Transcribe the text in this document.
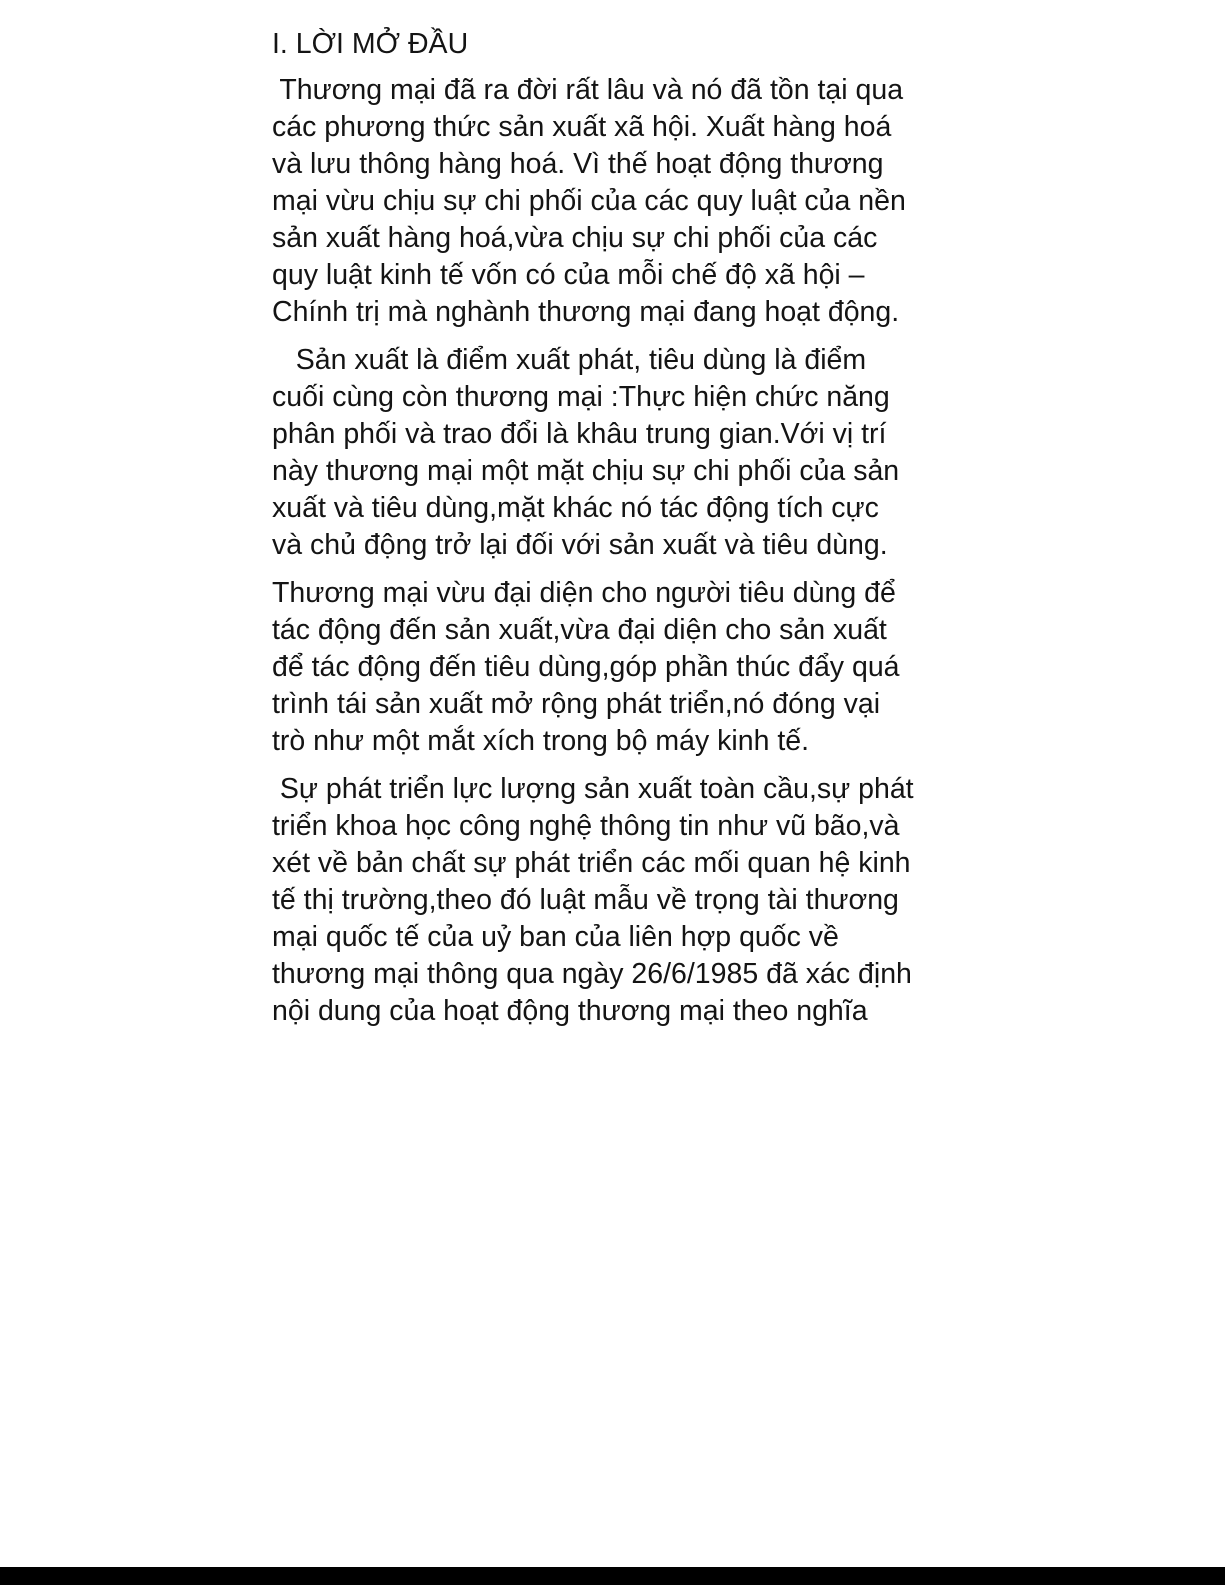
I. LỜI MỞ ĐẦU
Thương mại đã ra đời rất lâu và nó đã tồn tại qua
các phương thức sản xuất xã hội. Xuất hàng hoá
và lưu thông hàng hoá. Vì thế hoạt động thương
mại vừu chịu sự chi phối của các quy luật của nền
sản xuất hàng hoá,vừa chịu sự chi phối của các
quy luật kinh tế vốn có của mỗi chế độ xã hội –
Chính trị mà nghành thương mại đang hoạt động.
Sản xuất là điểm xuất phát, tiêu dùng là điểm
cuối cùng còn thương mại :Thực hiện chức năng
phân phối và trao đổi là khâu trung gian.Với vị trí
này thương mại một mặt chịu sự chi phối của sản
xuất và tiêu dùng,mặt khác nó tác động tích cực
và chủ động trở lại đối với sản xuất và tiêu dùng.
Thương mại vừu đại diện cho người tiêu dùng để
tác động đến sản xuất,vừa đại diện cho sản xuất
để tác động đến tiêu dùng,góp phần thúc đẩy quá
trình tái sản xuất mở rộng phát triển,nó đóng vại
trò như một mắt xích trong bộ máy kinh tế.
Sự phát triển lực lượng sản xuất toàn cầu,sự phát
triển khoa học công nghệ thông tin như vũ bão,và
xét về bản chất sự phát triển các mối quan hệ kinh
tế thị trường,theo đó luật mẫu về trọng tài thương
mại quốc tế của uỷ ban của liên hợp quốc về
thương mại thông qua ngày 26/6/1985 đã xác định
nội dung của hoạt động thương mại theo nghĩa
